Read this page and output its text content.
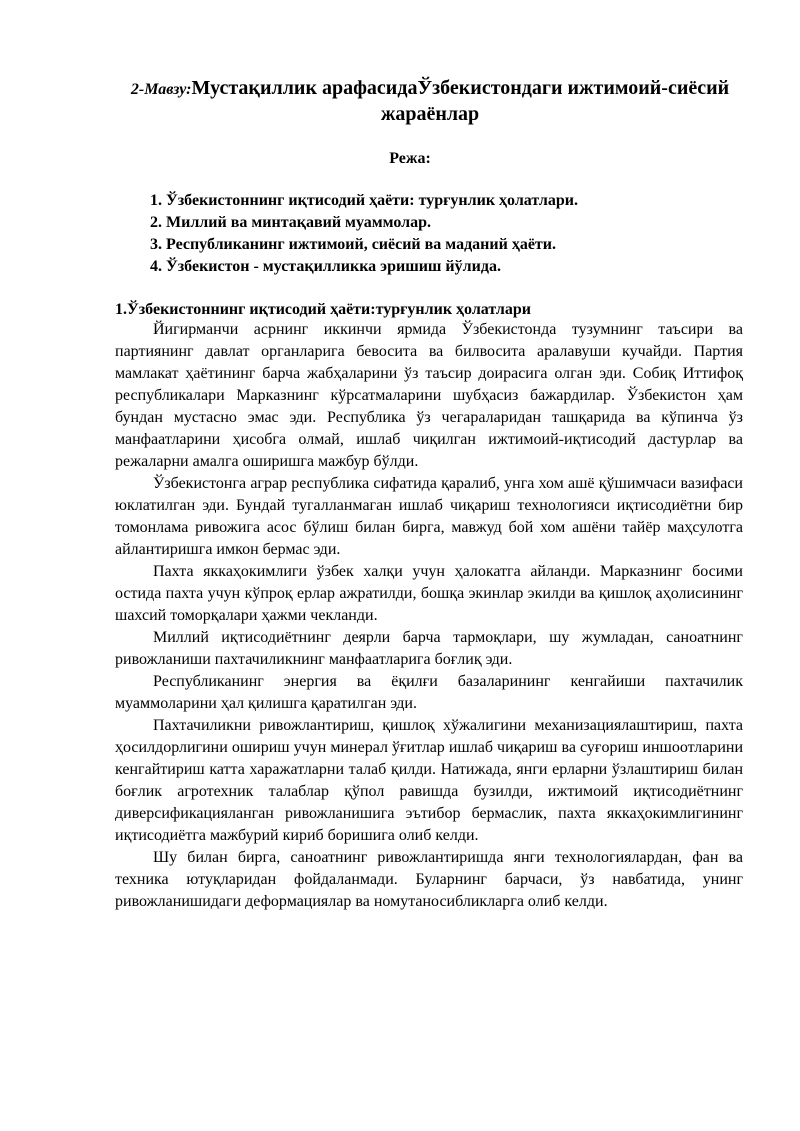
2-Мавзу:Мустақиллик арафасидаЎзбекистондаги ижтимоий-сиёсий жараёнлар
Режа:
1. Ўзбекистоннинг иқтисодий ҳаёти: турғунлик ҳолатлари.
2. Миллий ва минтақавий муаммолар.
3. Республиканинг ижтимоий, сиёсий ва маданий ҳаёти.
4. Ўзбекистон - мустақилликка эришиш йўлида.
1.Ўзбекистоннинг иқтисодий ҳаёти:турғунлик ҳолатлари

Йигирманчи асрнинг иккинчи ярмида Ўзбекистонда тузумнинг таъсири ва партиянинг давлат органларига бевосита ва билвосита аралавуши кучайди. Партия мамлакат ҳаётининг барча жабҳаларини ўз таъсир доирасига олган эди. Собиқ Иттифоқ республикалари Марказнинг кўрсатмаларини шубҳасиз бажардилар. Ўзбекистон ҳам бундан мустасно эмас эди. Республика ўз чегараларидан ташқарида ва кўпинча ўз манфаатларини ҳисобга олмай, ишлаб чиқилган ижтимоий-иқтисодий дастурлар ва режаларни амалга оширишга мажбур бўлди.

Ўзбекистонга аграр республика сифатида қаралиб, унга хом ашё қўшимчаси вазифаси юклатилган эди. Бундай тугалланмаган ишлаб чиқариш технологияси иқтисодиётни бир томонлама ривожига асос бўлиш билан бирга, мавжуд бой хом ашёни тайёр маҳсулотга айлантиришга имкон бермас эди.

Пахта яккаҳокимлиги ўзбек халқи учун ҳалокатга айланди. Марказнинг босими остида пахта учун кўпроқ ерлар ажратилди, бошқа экинлар экилди ва қишлоқ аҳолисининг шахсий томорқалари ҳажми чекланди.

Миллий иқтисодиётнинг деярли барча тармоқлари, шу жумладан, саноатнинг ривожланиши пахтачиликнинг манфаатларига боғлиқ эди.

Республиканинг энергия ва ёқилғи базаларининг кенгайиши пахтачилик муаммоларини ҳал қилишга қаратилган эди.

Пахтачиликни ривожлантириш, қишлоқ хўжалигини механизациялаштириш, пахта ҳосилдорлигини ошириш учун минерал ўғитлар ишлаб чиқариш ва суғориш иншоотларини кенгайтириш катта харажатларни талаб қилди. Натижада, янги ерларни ўзлаштириш билан боғлик агротехник талаблар қўпол равишда бузилди, ижтимоий иқтисодиётнинг диверсификацияланган ривожланишига эътибор бермаслик, пахта яккаҳокимлигининг иқтисодиётга мажбурий кириб боришига олиб келди.

Шу билан бирга, саноатнинг ривожлантиришда янги технологиялардан, фан ва техника ютуқларидан фойдаланмади. Буларнинг барчаси, ўз навбатида, унинг ривожланишидаги деформациялар ва номутаносибликларга олиб келди.
